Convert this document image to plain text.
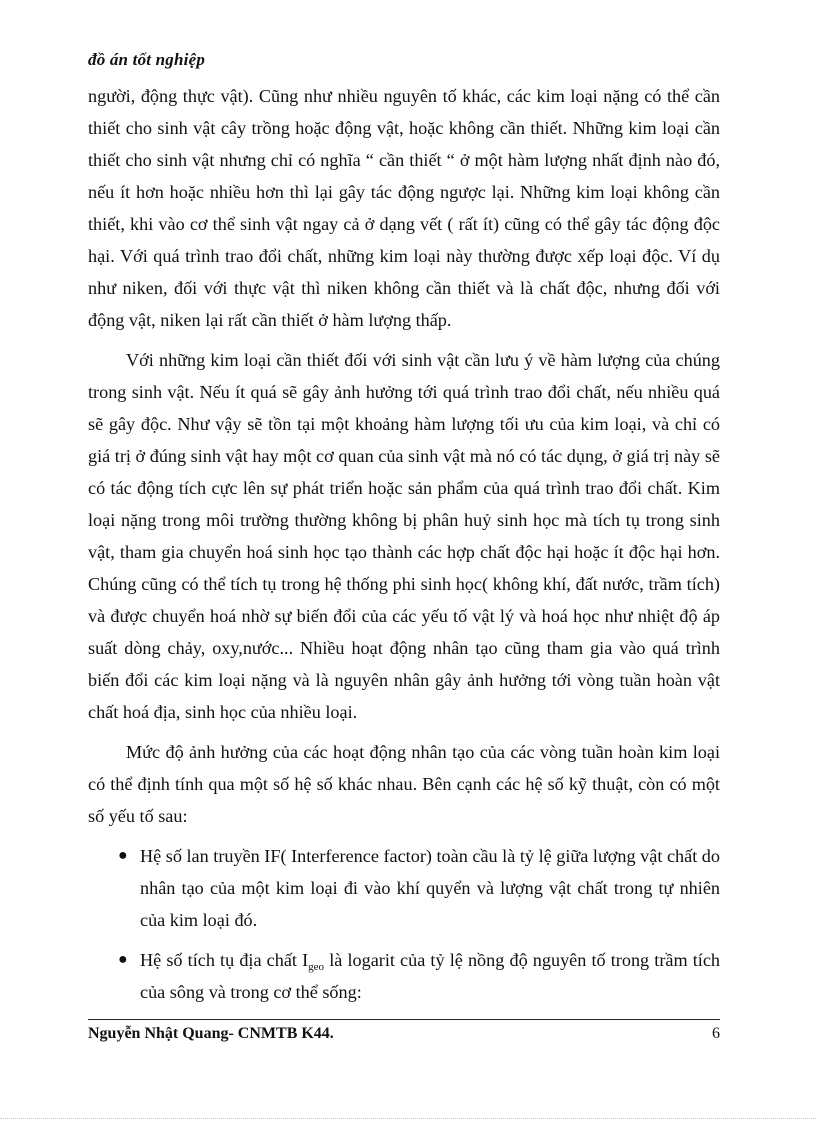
đồ án tốt nghiệp

người, động thực vật). Cũng như nhiều nguyên tố khác, các kim loại nặng có thể cần thiết cho sinh vật cây trồng hoặc động vật, hoặc không cần thiết. Những kim loại cần thiết cho sinh vật nhưng chỉ có nghĩa “ cần thiết “ ở một hàm lượng nhất định nào đó, nếu ít hơn hoặc nhiều hơn thì lại gây tác động ngược lại. Những kim loại không cần thiết, khi vào cơ thể sinh vật ngay cả ở dạng vết ( rất ít) cũng có thể gây tác động độc hại. Với quá trình trao đổi chất, những kim loại này thường được xếp loại độc. Ví dụ như niken, đối với thực vật thì niken không cần thiết và là chất độc, nhưng đối với động vật, niken lại rất cần thiết ở hàm lượng thấp.

Với những kim loại cần thiết đối với sinh vật cần lưu ý về hàm lượng của chúng trong sinh vật. Nếu ít quá sẽ gây ảnh hưởng tới quá trình trao đổi chất, nếu nhiều quá sẽ gây độc. Như vậy sẽ tồn tại một khoảng hàm lượng tối ưu của kim loại, và chỉ có giá trị ở đúng sinh vật hay một cơ quan của sinh vật mà nó có tác dụng, ở giá trị này sẽ có tác động tích cực lên sự phát triển hoặc sản phẩm của quá trình trao đổi chất. Kim loại nặng trong môi trường thường không bị phân huỷ sinh học mà tích tụ trong sinh vật, tham gia chuyển hoá sinh học tạo thành các hợp chất độc hại hoặc ít độc hại hơn. Chúng cũng có thể tích tụ trong hệ thống phi sinh học( không khí, đất nước, trầm tích) và được chuyển hoá nhờ sự biến đổi của các yếu tố vật lý và hoá học như nhiệt độ áp suất dòng chảy, oxy,nước... Nhiều hoạt động nhân tạo cũng tham gia vào quá trình biến đổi các kim loại nặng và là nguyên nhân gây ảnh hưởng tới vòng tuần hoàn vật chất hoá địa, sinh học của nhiều loại.

Mức độ ảnh hưởng của các hoạt động nhân tạo của các vòng tuần hoàn kim loại có thể định tính qua một số hệ số khác nhau. Bên cạnh các hệ số kỹ thuật, còn có một số yếu tố sau:

● Hệ số lan truyền IF( Interference factor) toàn cầu là tỷ lệ giữa lượng vật chất do nhân tạo của một kim loại đi vào khí quyển và lượng vật chất trong tự nhiên của kim loại đó.
● Hệ số tích tụ địa chất $I_{geo}$ là logarit của tỷ lệ nồng độ nguyên tố trong trầm tích của sông và trong cơ thể sống:
Nguyễn Nhật Quang- CNMTB K44.	6
